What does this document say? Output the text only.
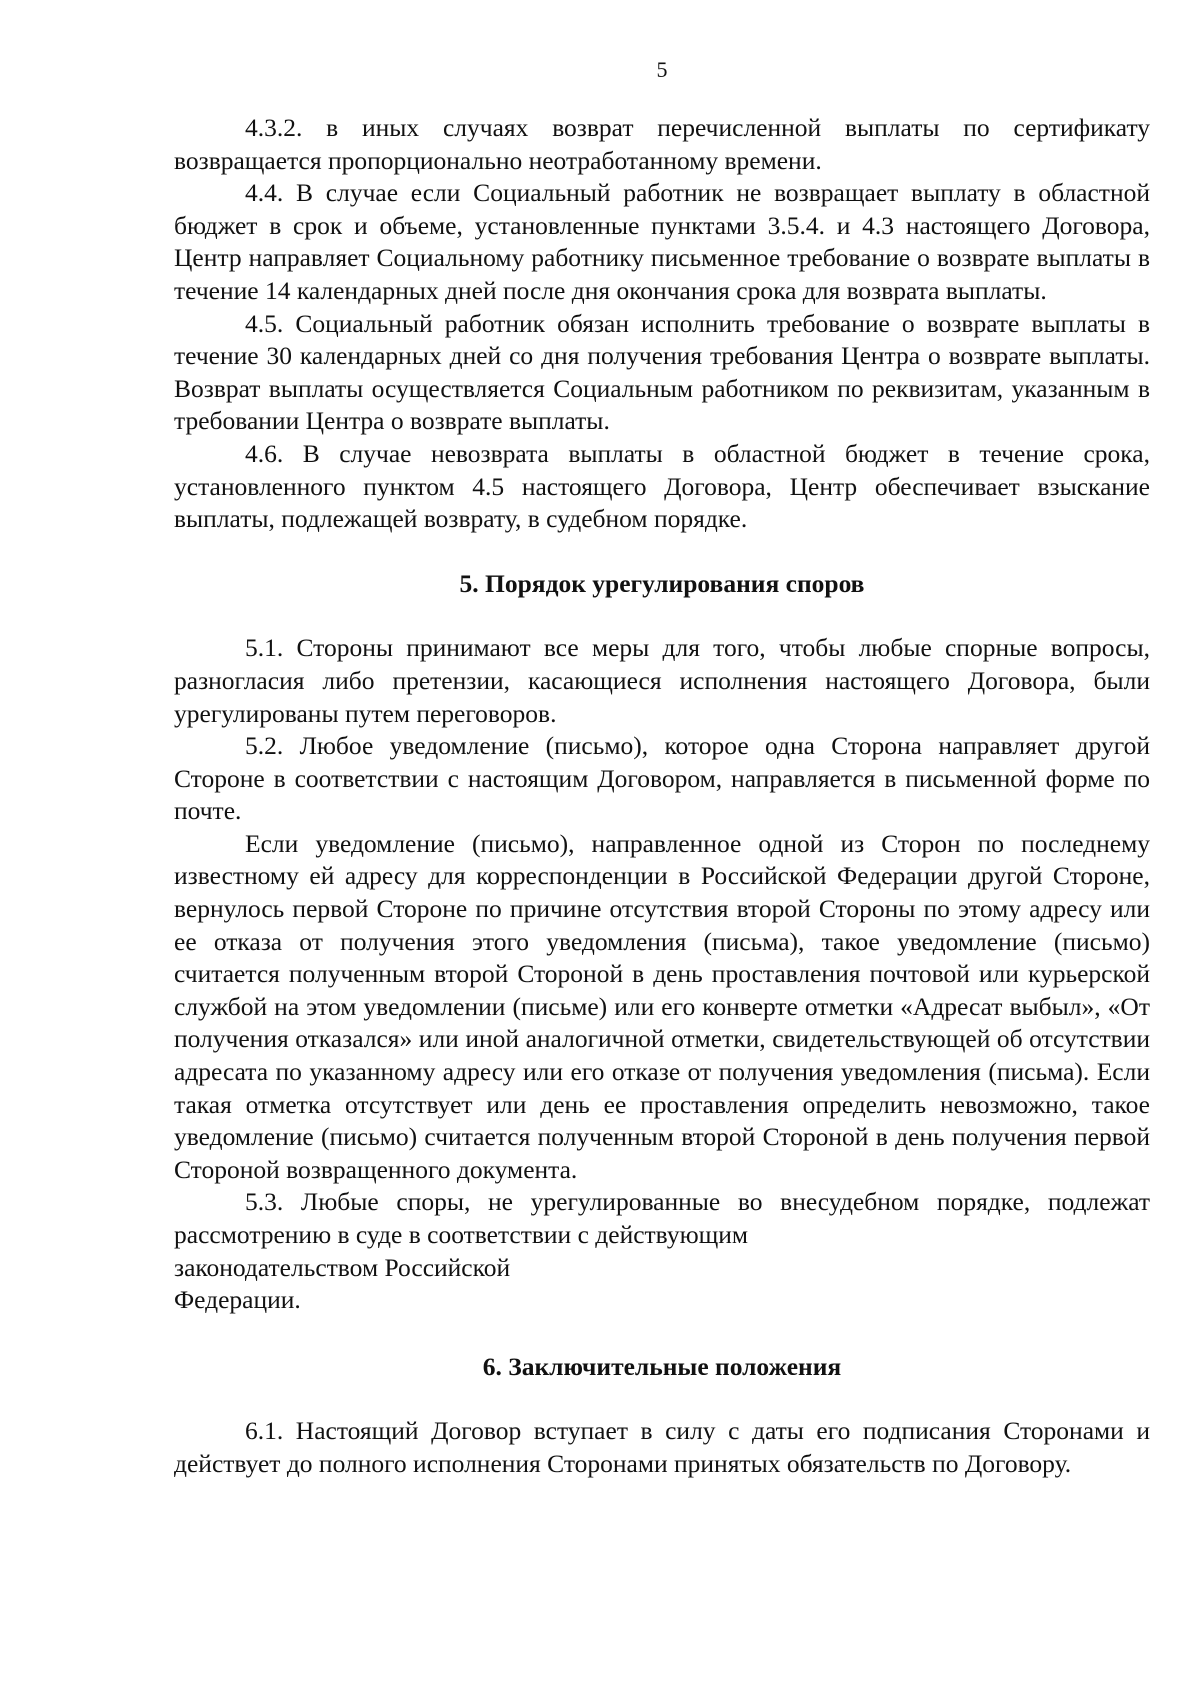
5

4.3.2. в иных случаях возврат перечисленной выплаты по сертификату возвращается пропорционально неотработанному времени.

4.4. В случае если Социальный работник не возвращает выплату в областной бюджет в срок и объеме, установленные пунктами 3.5.4. и 4.3 настоящего Договора, Центр направляет Социальному работнику письменное требование о возврате выплаты в течение 14 календарных дней после дня окончания срока для возврата выплаты.

4.5. Социальный работник обязан исполнить требование о возврате выплаты в течение 30 календарных дней со дня получения требования Центра о возврате выплаты. Возврат выплаты осуществляется Социальным работником по реквизитам, указанным в требовании Центра о возврате выплаты.

4.6. В случае невозврата выплаты в областной бюджет в течение срока, установленного пунктом 4.5 настоящего Договора, Центр обеспечивает взыскание выплаты, подлежащей возврату, в судебном порядке.

5. Порядок урегулирования споров

5.1. Стороны принимают все меры для того, чтобы любые спорные вопросы, разногласия либо претензии, касающиеся исполнения настоящего Договора, были урегулированы путем переговоров.

5.2. Любое уведомление (письмо), которое одна Сторона направляет другой Стороне в соответствии с настоящим Договором, направляется в письменной форме по почте.

Если уведомление (письмо), направленное одной из Сторон по последнему известному ей адресу для корреспонденции в Российской Федерации другой Стороне, вернулось первой Стороне по причине отсутствия второй Стороны по этому адресу или ее отказа от получения этого уведомления (письма), такое уведомление (письмо) считается полученным второй Стороной в день проставления почтовой или курьерской службой на этом уведомлении (письме) или его конверте отметки «Адресат выбыл», «От получения отказался» или иной аналогичной отметки, свидетельствующей об отсутствии адресата по указанному адресу или его отказе от получения уведомления (письма). Если такая отметка отсутствует или день ее проставления определить невозможно, такое уведомление (письмо) считается полученным второй Стороной в день получения первой Стороной возвращенного документа.

5.3. Любые споры, не урегулированные во внесудебном порядке, подлежат рассмотрению в суде в соответствии с действующим

законодательством Российской

Федерации.

6. Заключительные положения

6.1. Настоящий Договор вступает в силу с даты его подписания Сторонами и действует до полного исполнения Сторонами принятых обязательств по Договору.
